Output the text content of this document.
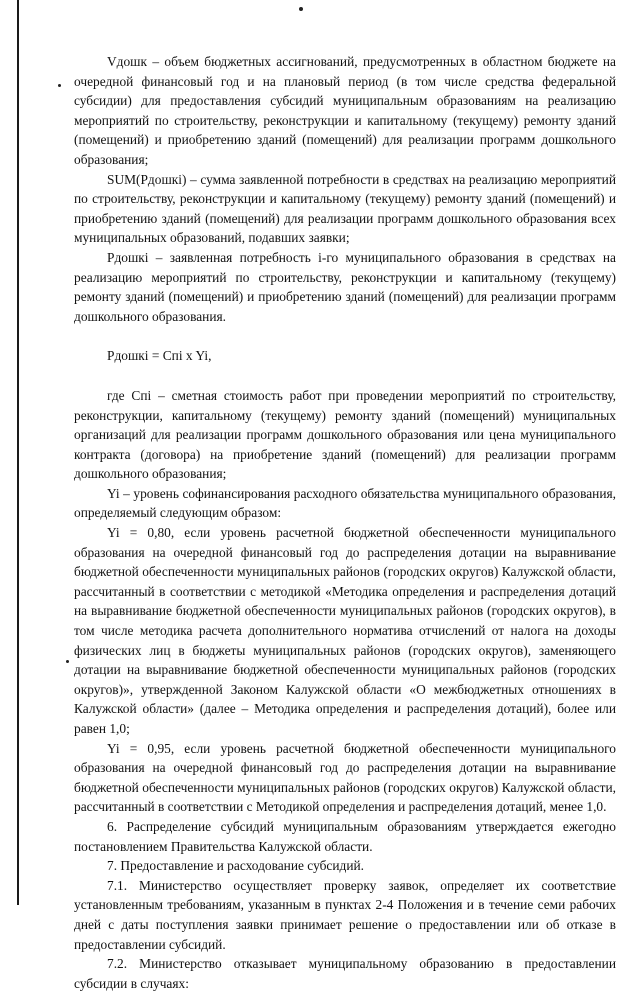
Vдошк – объем бюджетных ассигнований, предусмотренных в областном бюджете на очередной финансовый год и на плановый период (в том числе средства федеральной субсидии) для предоставления субсидий муниципальным образованиям на реализацию мероприятий по строительству, реконструкции и капитальному (текущему) ремонту зданий (помещений) и приобретению зданий (помещений) для реализации программ дошкольного образования;

SUM(Pдошкi) – сумма заявленной потребности в средствах на реализацию мероприятий по строительству, реконструкции и капитальному (текущему) ремонту зданий (помещений) и приобретению зданий (помещений) для реализации программ дошкольного образования всех муниципальных образований, подавших заявки;

Pдошкi – заявленная потребность i-го муниципального образования в средствах на реализацию мероприятий по строительству, реконструкции и капитальному (текущему) ремонту зданий (помещений) и приобретению зданий (помещений) для реализации программ дошкольного образования.

Pдошкi = Cпi x Yi,

где Cпi – сметная стоимость работ при проведении мероприятий по строительству, реконструкции, капитальному (текущему) ремонту зданий (помещений) муниципальных организаций для реализации программ дошкольного образования или цена муниципального контракта (договора) на приобретение зданий (помещений) для реализации программ дошкольного образования;

Yi – уровень софинансирования расходного обязательства муниципального образования, определяемый следующим образом:

Yi = 0,80, если уровень расчетной бюджетной обеспеченности муниципального образования на очередной финансовый год до распределения дотации на выравнивание бюджетной обеспеченности муниципальных районов (городских округов) Калужской области, рассчитанный в соответствии с методикой «Методика определения и распределения дотаций на выравнивание бюджетной обеспеченности муниципальных районов (городских округов), в том числе методика расчета дополнительного норматива отчислений от налога на доходы физических лиц в бюджеты муниципальных районов (городских округов), заменяющего дотации на выравнивание бюджетной обеспеченности муниципальных районов (городских округов)», утвержденной Законом Калужской области «О межбюджетных отношениях в Калужской области» (далее – Методика определения и распределения дотаций), более или равен 1,0;

Yi = 0,95, если уровень расчетной бюджетной обеспеченности муниципального образования на очередной финансовый год до распределения дотации на выравнивание бюджетной обеспеченности муниципальных районов (городских округов) Калужской области, рассчитанный в соответствии с Методикой определения и распределения дотаций, менее 1,0.

6. Распределение субсидий муниципальным образованиям утверждается ежегодно постановлением Правительства Калужской области.

7. Предоставление и расходование субсидий.

7.1. Министерство осуществляет проверку заявок, определяет их соответствие установленным требованиям, указанным в пунктах 2-4 Положения и в течение семи рабочих дней с даты поступления заявки принимает решение о предоставлении или об отказе в предоставлении субсидий.

7.2. Министерство отказывает муниципальному образованию в предоставлении субсидии в случаях:
